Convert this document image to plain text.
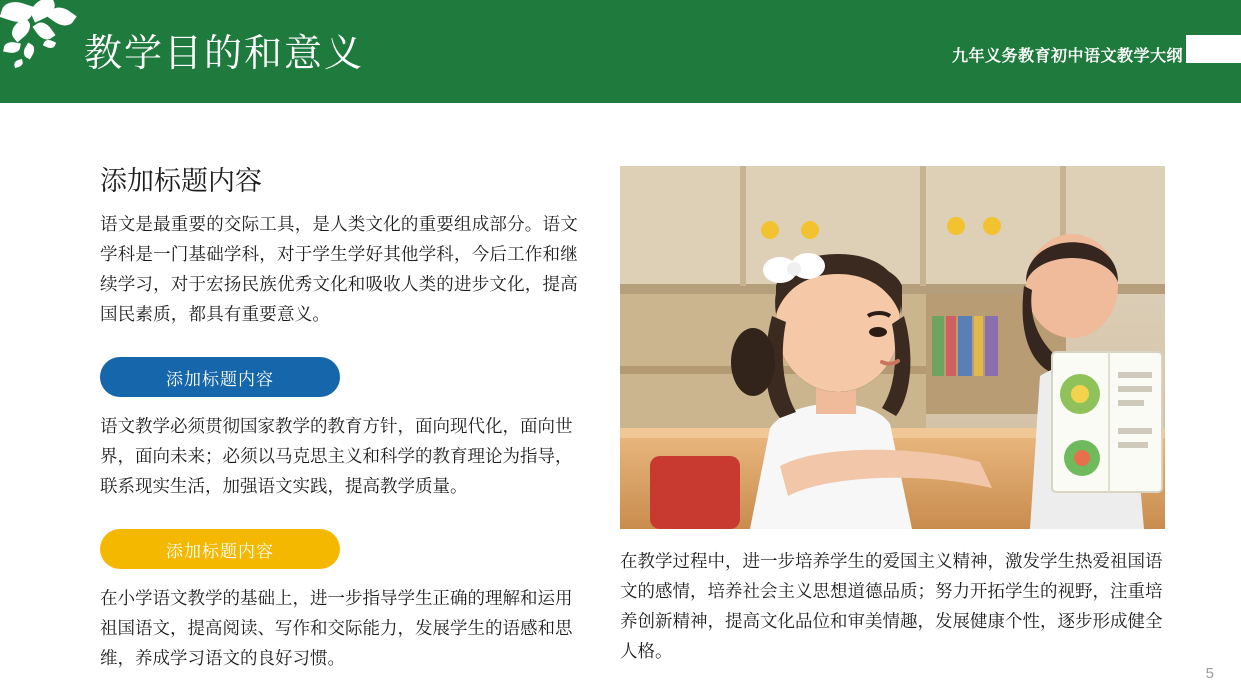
教学目的和意义	九年义务教育初中语文教学大纲
添加标题内容
语文是最重要的交际工具，是人类文化的重要组成部分。语文学科是一门基础学科，对于学生学好其他学科，今后工作和继续学习，对于宏扬民族优秀文化和吸收人类的进步文化，提高国民素质，都具有重要意义。
添加标题内容
语文教学必须贯彻国家教学的教育方针，面向现代化，面向世界，面向未来；必须以马克思主义和科学的教育理论为指导，联系现实生活，加强语文实践，提高教学质量。
添加标题内容
在小学语文教学的基础上，进一步指导学生正确的理解和运用祖国语文，提高阅读、写作和交际能力，发展学生的语感和思维，养成学习语文的良好习惯。
在教学过程中，进一步培养学生的爱国主义精神，激发学生热爱祖国语文的感情，培养社会主义思想道德品质；努力开拓学生的视野，注重培养创新精神，提高文化品位和审美情趣，发展健康个性，逐步形成健全人格。
5
